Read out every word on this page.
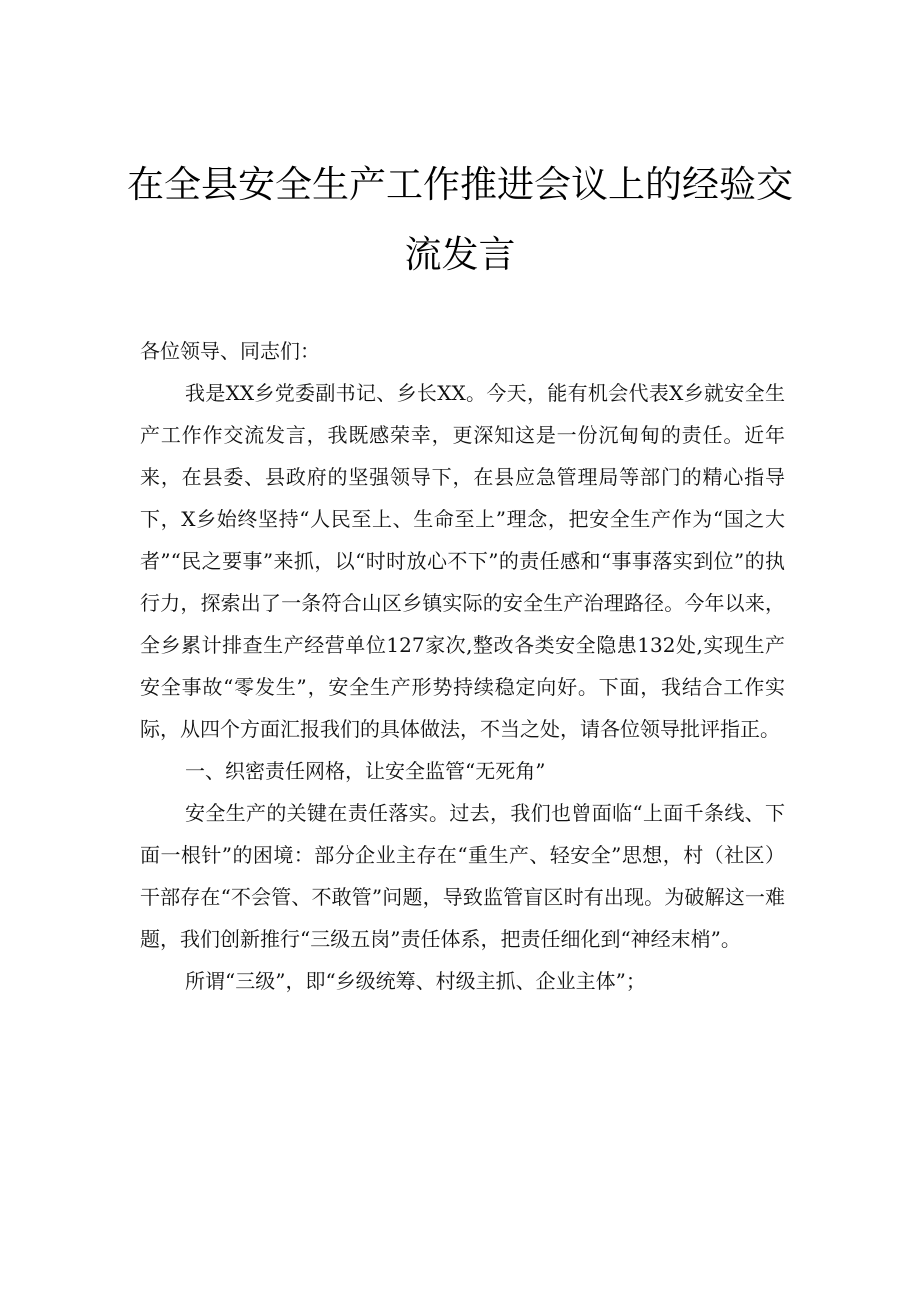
在全县安全生产工作推进会议上的经验交
流发言

各位领导、同志们：

我是XX乡党委副书记、乡长XX。今天，能有机会代表X乡就安全生产工作作交流发言，我既感荣幸，更深知这是一份沉甸甸的责任。近年来，在县委、县政府的坚强领导下，在县应急管理局等部门的精心指导下，X乡始终坚持“人民至上、生命至上”理念，把安全生产作为“国之大者”“民之要事”来抓，以“时时放心不下”的责任感和“事事落实到位”的执行力，探索出了一条符合山区乡镇实际的安全生产治理路径。今年以来，全乡累计排查生产经营单位127家次,整改各类安全隐患132处,实现生产安全事故“零发生”，安全生产形势持续稳定向好。下面，我结合工作实际，从四个方面汇报我们的具体做法，不当之处，请各位领导批评指正。

一、织密责任网格，让安全监管“无死角”

安全生产的关键在责任落实。过去，我们也曾面临“上面千条线、下面一根针”的困境：部分企业主存在“重生产、轻安全”思想，村（社区）干部存在“不会管、不敢管”问题，导致监管盲区时有出现。为破解这一难题，我们创新推行“三级五岗”责任体系，把责任细化到“神经末梢”。

所谓“三级”，即“乡级统筹、村级主抓、企业主体”；
